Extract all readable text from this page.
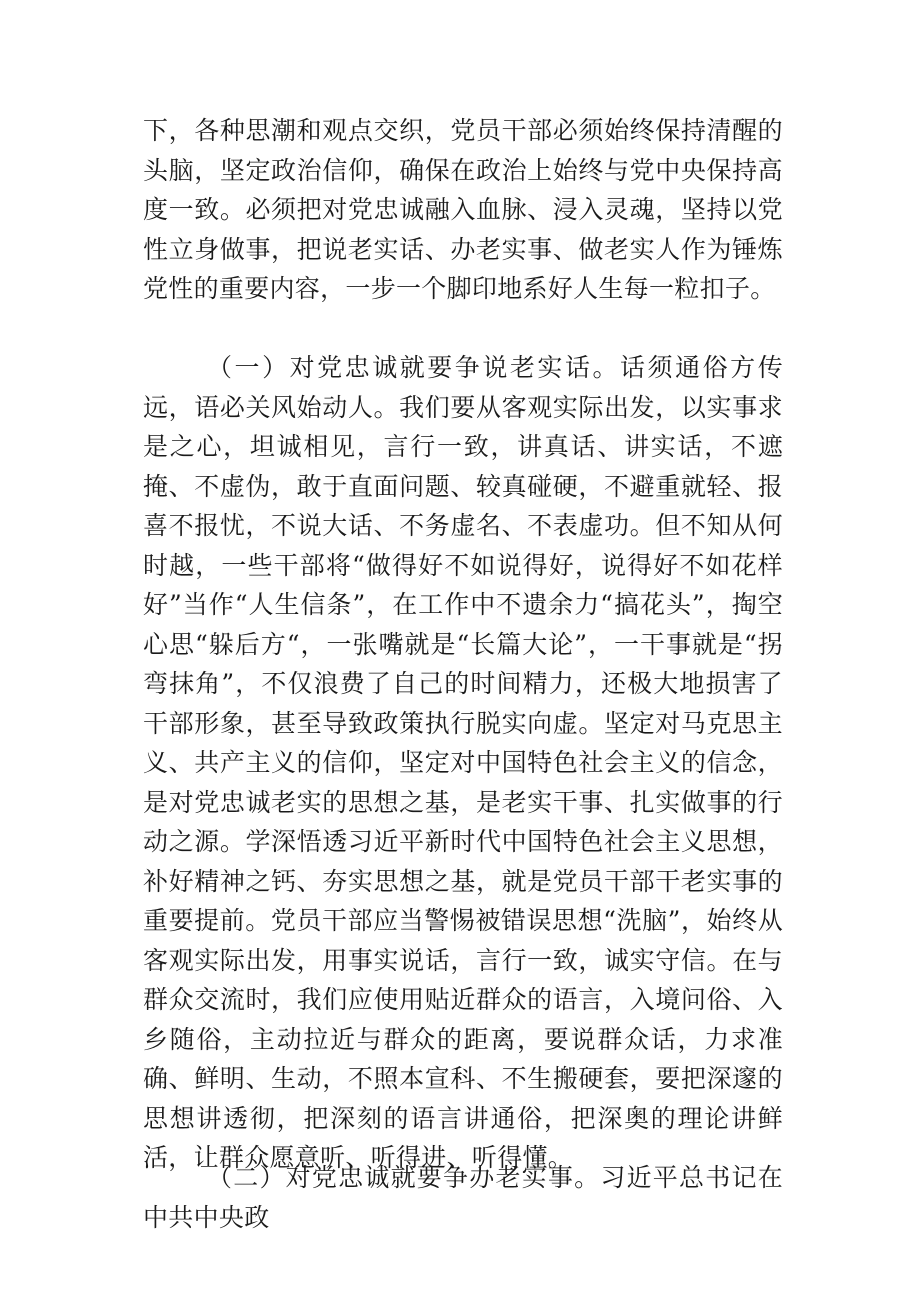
下，各种思潮和观点交织，党员干部必须始终保持清醒的头脑，坚定政治信仰，确保在政治上始终与党中央保持高度一致。必须把对党忠诚融入血脉、浸入灵魂，坚持以党性立身做事，把说老实话、办老实事、做老实人作为锤炼党性的重要内容，一步一个脚印地系好人生每一粒扣子。

（一）对党忠诚就要争说老实话。话须通俗方传远，语必关风始动人。我们要从客观实际出发，以实事求是之心，坦诚相见，言行一致，讲真话、讲实话，不遮掩、不虚伪，敢于直面问题、较真碰硬，不避重就轻、报喜不报忧，不说大话、不务虚名、不表虚功。但不知从何时越，一些干部将“做得好不如说得好，说得好不如花样好”当作“人生信条”，在工作中不遗余力“搞花头”，掏空心思“躲后方“，一张嘴就是“长篇大论”，一干事就是“拐弯抹角”，不仅浪费了自己的时间精力，还极大地损害了干部形象，甚至导致政策执行脱实向虚。坚定对马克思主义、共产主义的信仰，坚定对中国特色社会主义的信念，是对党忠诚老实的思想之基，是老实干事、扎实做事的行动之源。学深悟透习近平新时代中国特色社会主义思想，补好精神之钙、夯实思想之基，就是党员干部干老实事的重要提前。党员干部应当警惕被错误思想“洗脑”，始终从客观实际出发，用事实说话，言行一致，诚实守信。在与群众交流时，我们应使用贴近群众的语言，入境问俗、入乡随俗，主动拉近与群众的距离，要说群众话，力求准确、鲜明、生动，不照本宣科、不生搬硬套，要把深邃的思想讲透彻，把深刻的语言讲通俗，把深奥的理论讲鲜活，让群众愿意听、听得进、听得懂。

（二）对党忠诚就要争办老实事。习近平总书记在中共中央政
